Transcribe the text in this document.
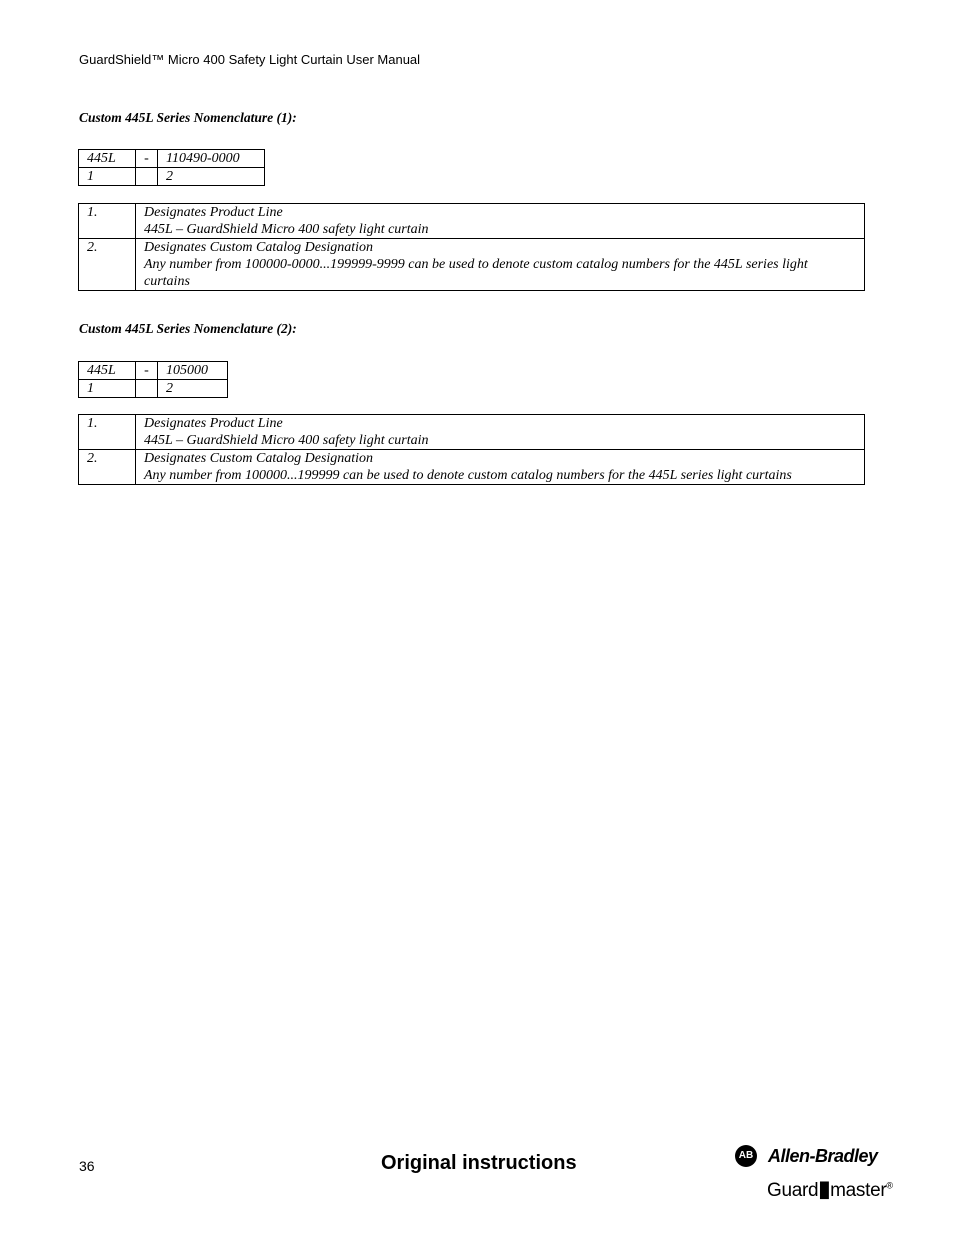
GuardShield™ Micro 400 Safety Light Curtain User Manual
Custom 445L Series Nomenclature (1):
445L	-	110490-0000
1		2
1.	Designates Product Line
445L – GuardShield Micro 400 safety light curtain

2.	Designates Custom Catalog Designation
Any number from 100000-0000...199999-9999 can be used to denote custom catalog numbers for the 445L series light curtains
Custom 445L Series Nomenclature (2):
445L	-	105000
1		2
1.	Designates Product Line
445L – GuardShield Micro 400 safety light curtain

2.	Designates Custom Catalog Designation
Any number from 100000...199999 can be used to denote custom catalog numbers for the 445L series light curtains
36	Original instructions	AB Allen-Bradley
Guard▮master®
